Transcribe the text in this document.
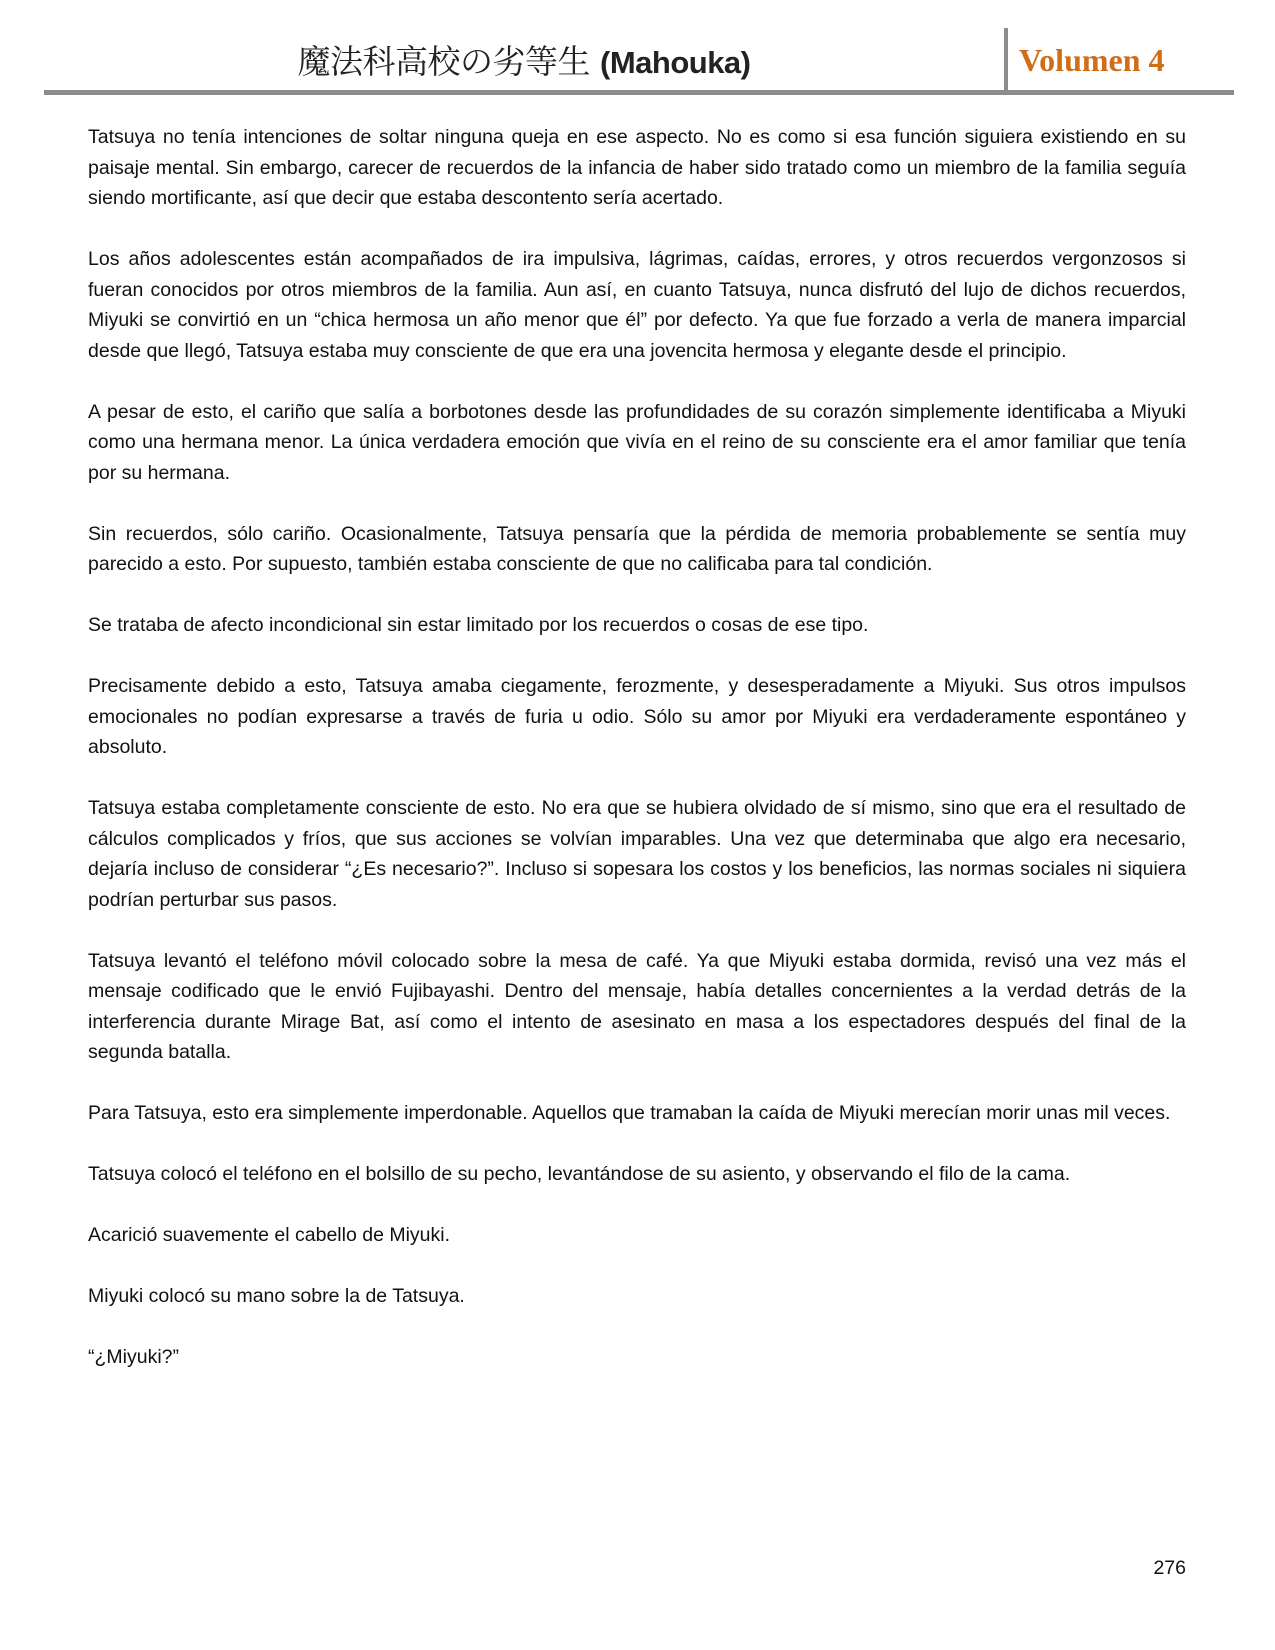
魔法科高校の劣等生 (Mahouka)	Volumen 4

Tatsuya no tenía intenciones de soltar ninguna queja en ese aspecto. No es como si esa función siguiera existiendo en su paisaje mental. Sin embargo, carecer de recuerdos de la infancia de haber sido tratado como un miembro de la familia seguía siendo mortificante, así que decir que estaba descontento sería acertado.

Los años adolescentes están acompañados de ira impulsiva, lágrimas, caídas, errores, y otros recuerdos vergonzosos si fueran conocidos por otros miembros de la familia. Aun así, en cuanto Tatsuya, nunca disfrutó del lujo de dichos recuerdos, Miyuki se convirtió en un “chica hermosa un año menor que él” por defecto. Ya que fue forzado a verla de manera imparcial desde que llegó, Tatsuya estaba muy consciente de que era una jovencita hermosa y elegante desde el principio.

A pesar de esto, el cariño que salía a borbotones desde las profundidades de su corazón simplemente identificaba a Miyuki como una hermana menor. La única verdadera emoción que vivía en el reino de su consciente era el amor familiar que tenía por su hermana.

Sin recuerdos, sólo cariño. Ocasionalmente, Tatsuya pensaría que la pérdida de memoria probablemente se sentía muy parecido a esto. Por supuesto, también estaba consciente de que no calificaba para tal condición.

Se trataba de afecto incondicional sin estar limitado por los recuerdos o cosas de ese tipo.

Precisamente debido a esto, Tatsuya amaba ciegamente, ferozmente, y desesperadamente a Miyuki. Sus otros impulsos emocionales no podían expresarse a través de furia u odio. Sólo su amor por Miyuki era verdaderamente espontáneo y absoluto.

Tatsuya estaba completamente consciente de esto. No era que se hubiera olvidado de sí mismo, sino que era el resultado de cálculos complicados y fríos, que sus acciones se volvían imparables. Una vez que determinaba que algo era necesario, dejaría incluso de considerar “¿Es necesario?”. Incluso si sopesara los costos y los beneficios, las normas sociales ni siquiera podrían perturbar sus pasos.

Tatsuya levantó el teléfono móvil colocado sobre la mesa de café. Ya que Miyuki estaba dormida, revisó una vez más el mensaje codificado que le envió Fujibayashi. Dentro del mensaje, había detalles concernientes a la verdad detrás de la interferencia durante Mirage Bat, así como el intento de asesinato en masa a los espectadores después del final de la segunda batalla.

Para Tatsuya, esto era simplemente imperdonable. Aquellos que tramaban la caída de Miyuki merecían morir unas mil veces.

Tatsuya colocó el teléfono en el bolsillo de su pecho, levantándose de su asiento, y observando el filo de la cama.

Acarició suavemente el cabello de Miyuki.

Miyuki colocó su mano sobre la de Tatsuya.

“¿Miyuki?”

276
